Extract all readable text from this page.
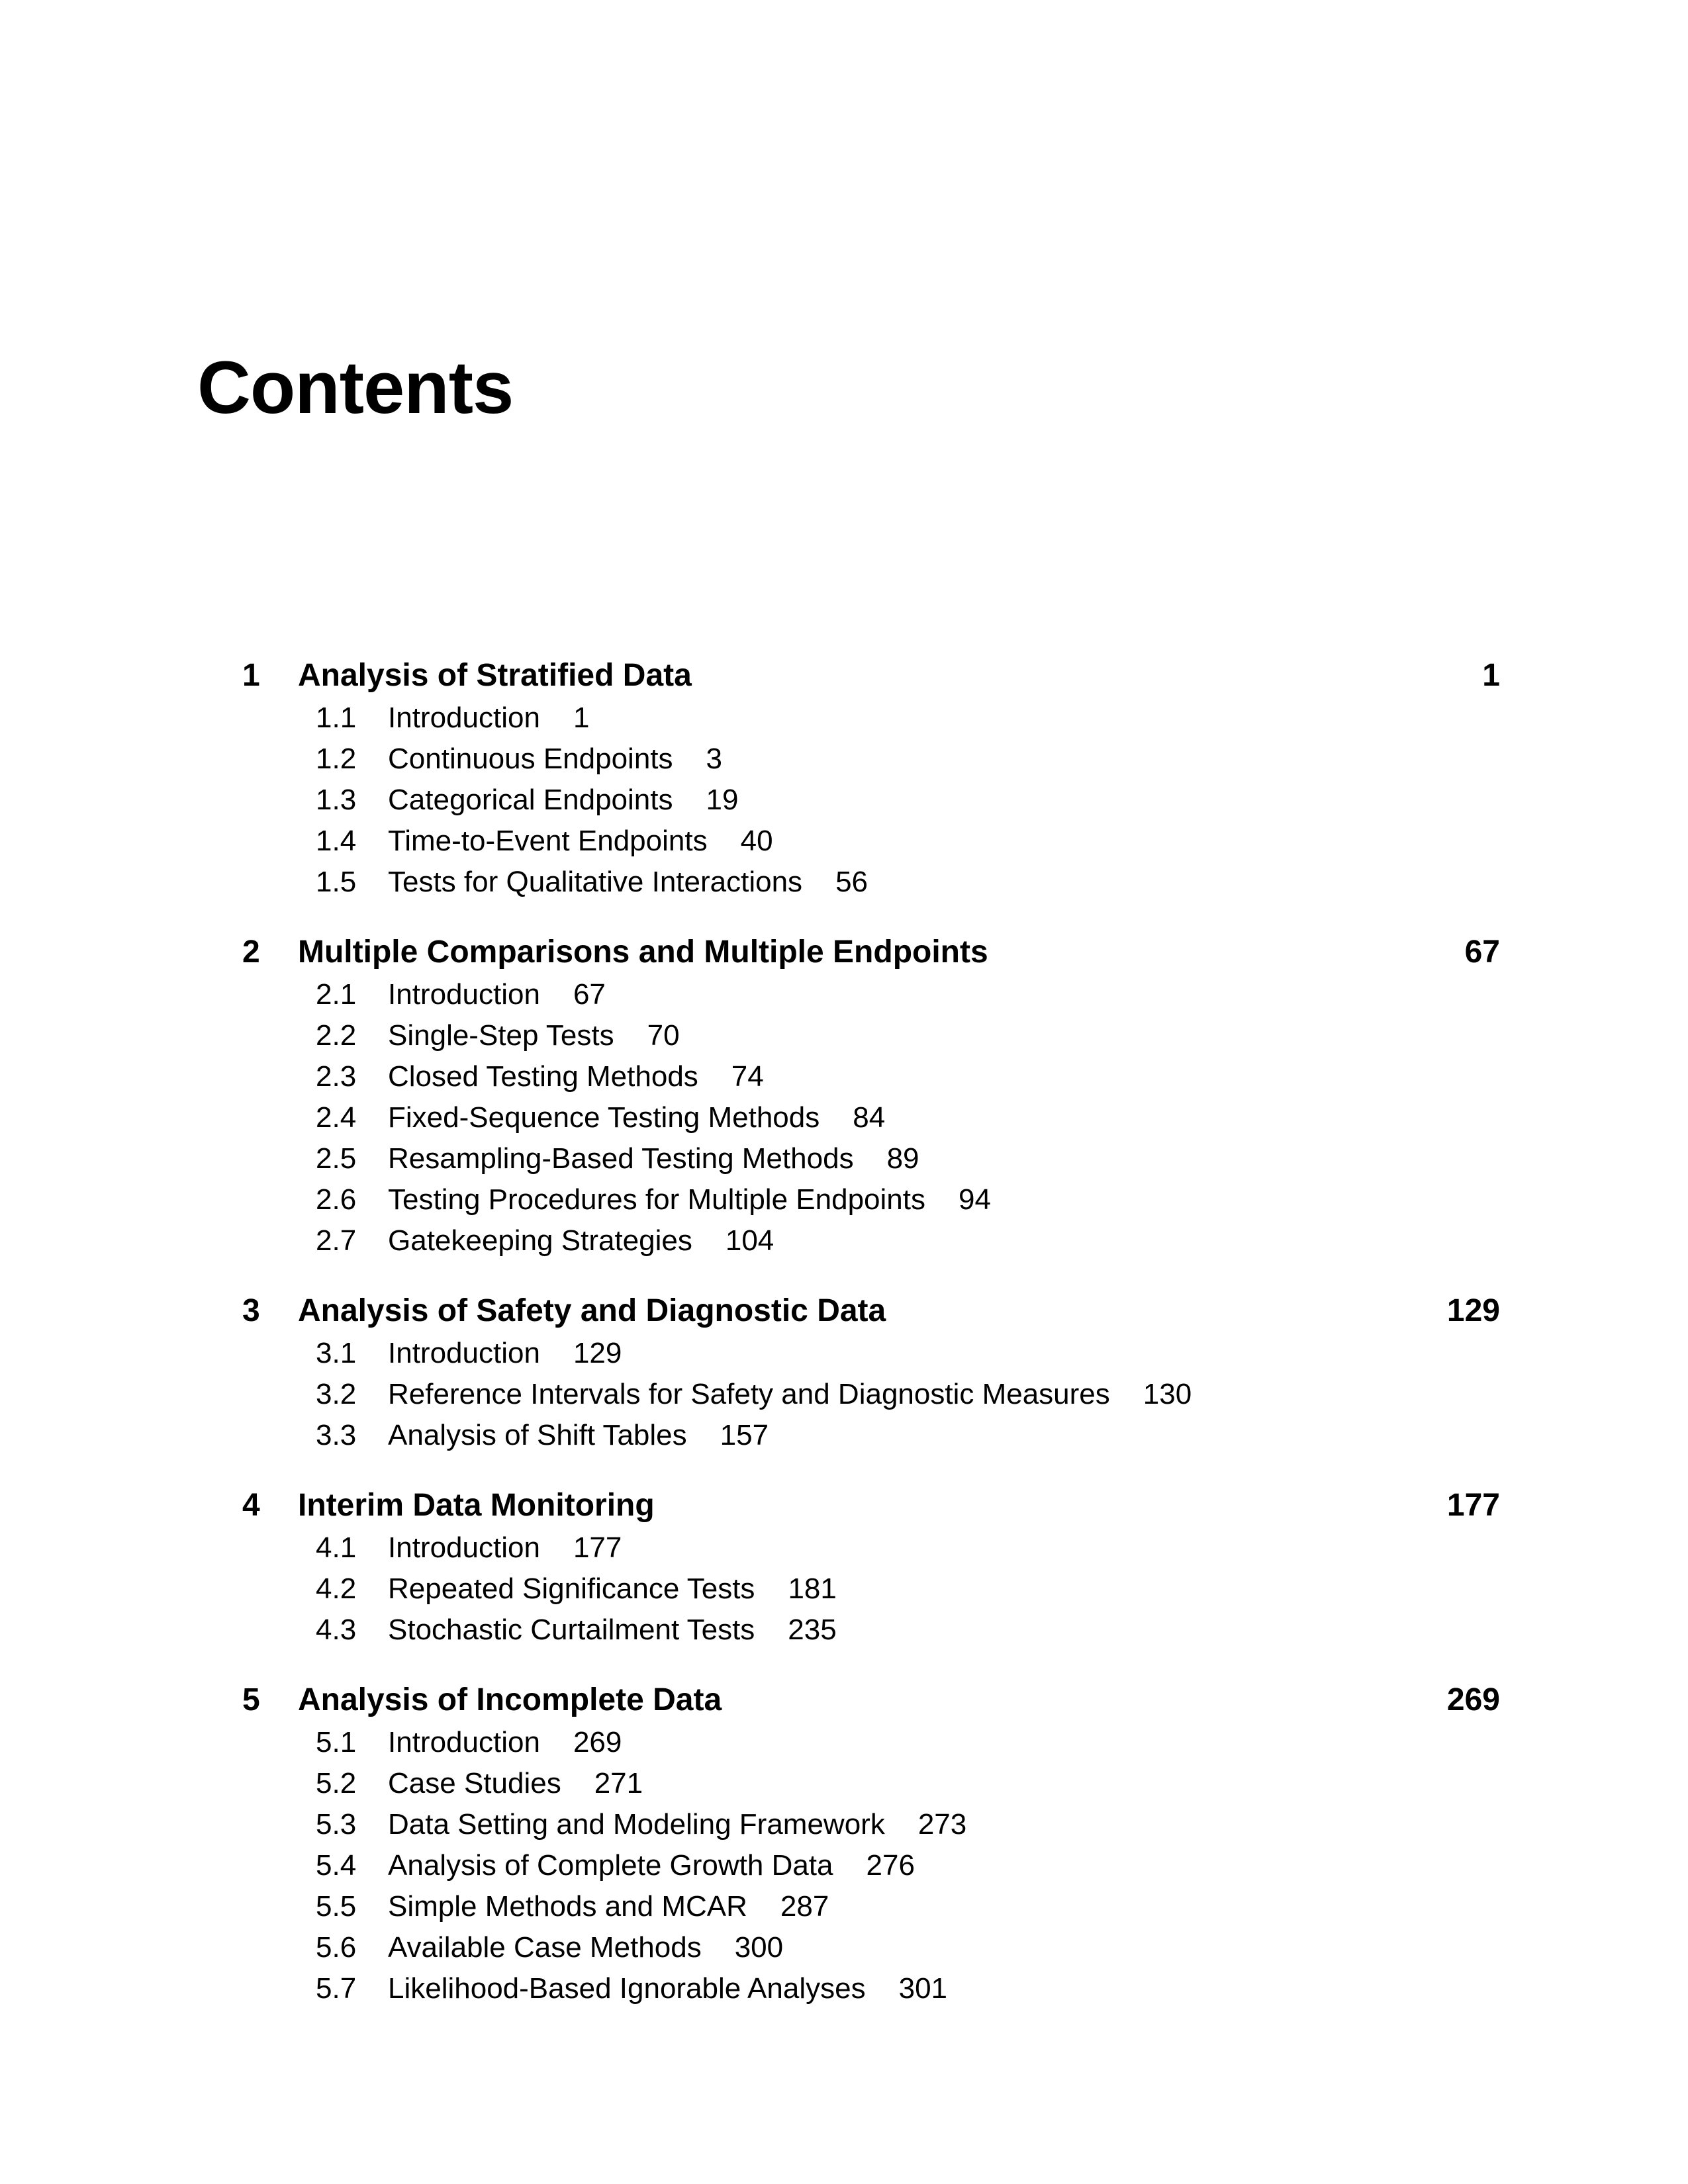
Contents
1	Analysis of Stratified Data	1
1.1	Introduction 1
1.2	Continuous Endpoints 3
1.3	Categorical Endpoints 19
1.4	Time-to-Event Endpoints 40
1.5	Tests for Qualitative Interactions 56
2	Multiple Comparisons and Multiple Endpoints	67
2.1	Introduction 67
2.2	Single-Step Tests 70
2.3	Closed Testing Methods 74
2.4	Fixed-Sequence Testing Methods 84
2.5	Resampling-Based Testing Methods 89
2.6	Testing Procedures for Multiple Endpoints 94
2.7	Gatekeeping Strategies 104
3	Analysis of Safety and Diagnostic Data	129
3.1	Introduction 129
3.2	Reference Intervals for Safety and Diagnostic Measures 130
3.3	Analysis of Shift Tables 157
4	Interim Data Monitoring	177
4.1	Introduction 177
4.2	Repeated Significance Tests 181
4.3	Stochastic Curtailment Tests 235
5	Analysis of Incomplete Data	269
5.1	Introduction 269
5.2	Case Studies 271
5.3	Data Setting and Modeling Framework 273
5.4	Analysis of Complete Growth Data 276
5.5	Simple Methods and MCAR 287
5.6	Available Case Methods 300
5.7	Likelihood-Based Ignorable Analyses 301
